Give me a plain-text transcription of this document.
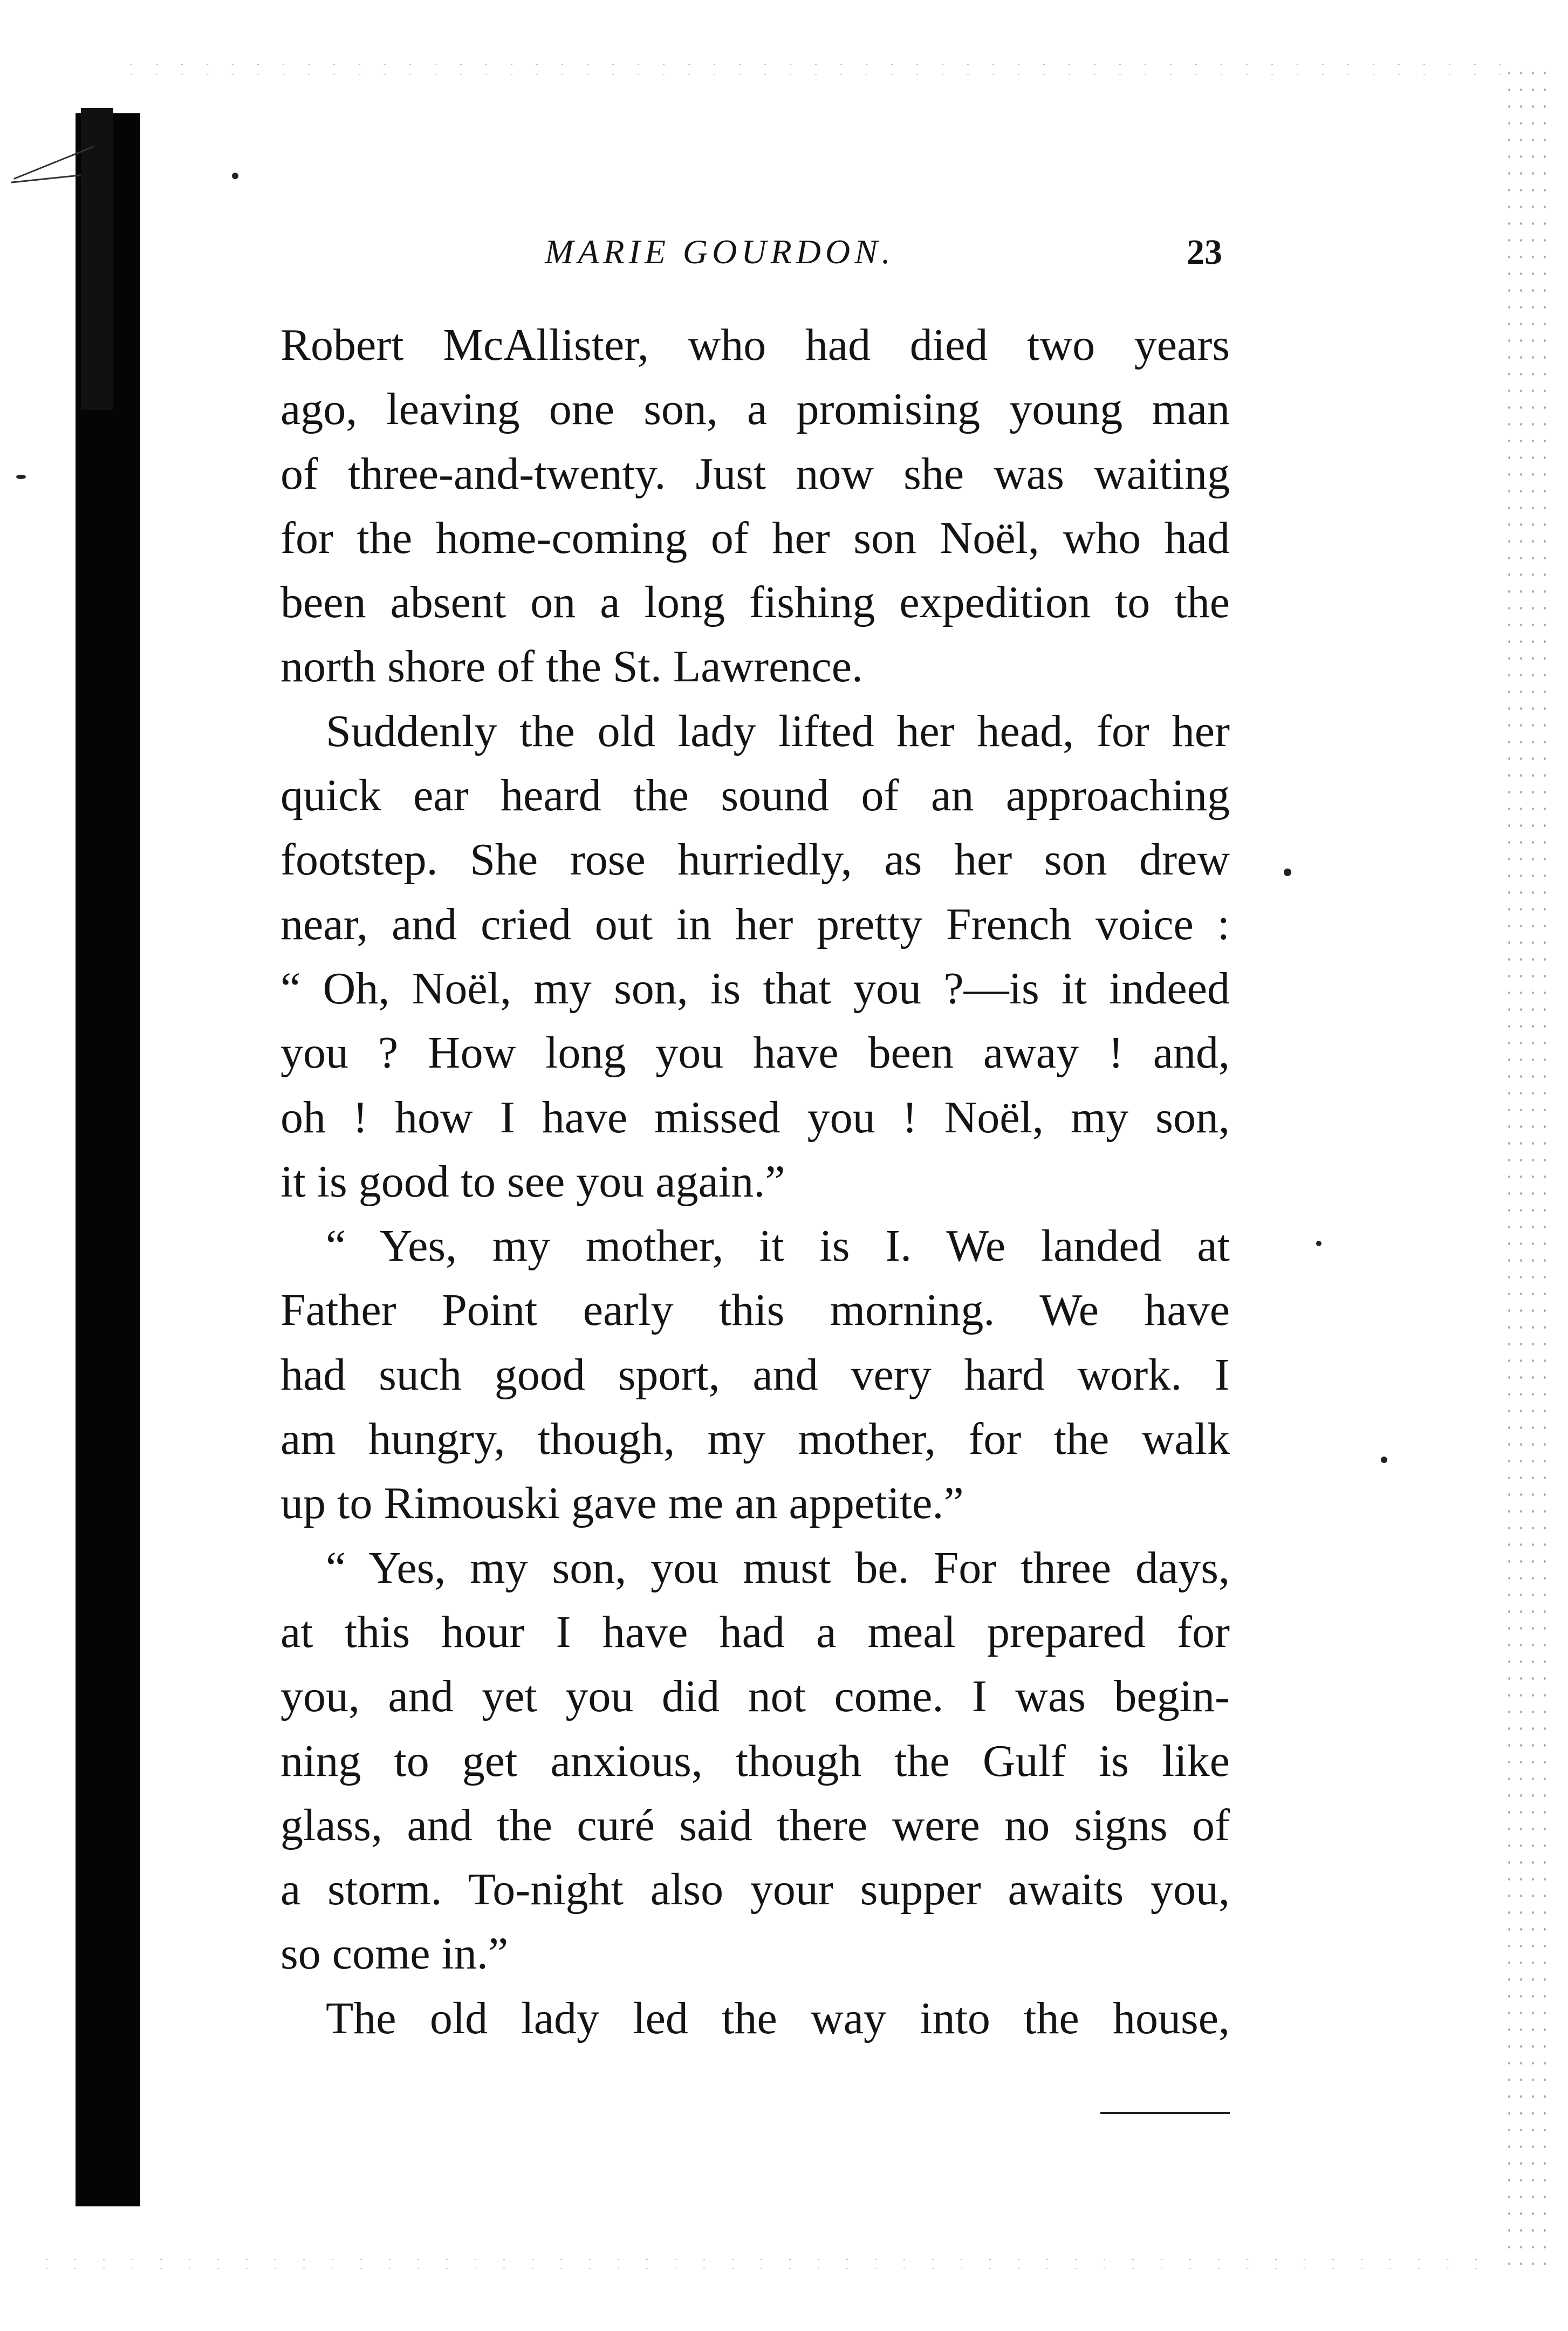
MARIE GOURDON.	23
Robert McAllister, who had died two years
ago, leaving one son, a promising young man
of three-and-twenty. Just now she was waiting
for the home-coming of her son Noël, who had
been absent on a long fishing expedition to the
north shore of the St. Lawrence.
Suddenly the old lady lifted her head, for her
quick ear heard the sound of an approaching
footstep. She rose hurriedly, as her son drew
near, and cried out in her pretty French voice :
“ Oh, Noël, my son, is that you ?—is it indeed
you ? How long you have been away ! and,
oh ! how I have missed you ! Noël, my son,
it is good to see you again.”
“ Yes, my mother, it is I. We landed at
Father Point early this morning. We have
had such good sport, and very hard work. I
am hungry, though, my mother, for the walk
up to Rimouski gave me an appetite.”
“ Yes, my son, you must be. For three days,
at this hour I have had a meal prepared for
you, and yet you did not come. I was begin-
ning to get anxious, though the Gulf is like
glass, and the curé said there were no signs of
a storm. To-night also your supper awaits you,
so come in.”
The old lady led the way into the house,
